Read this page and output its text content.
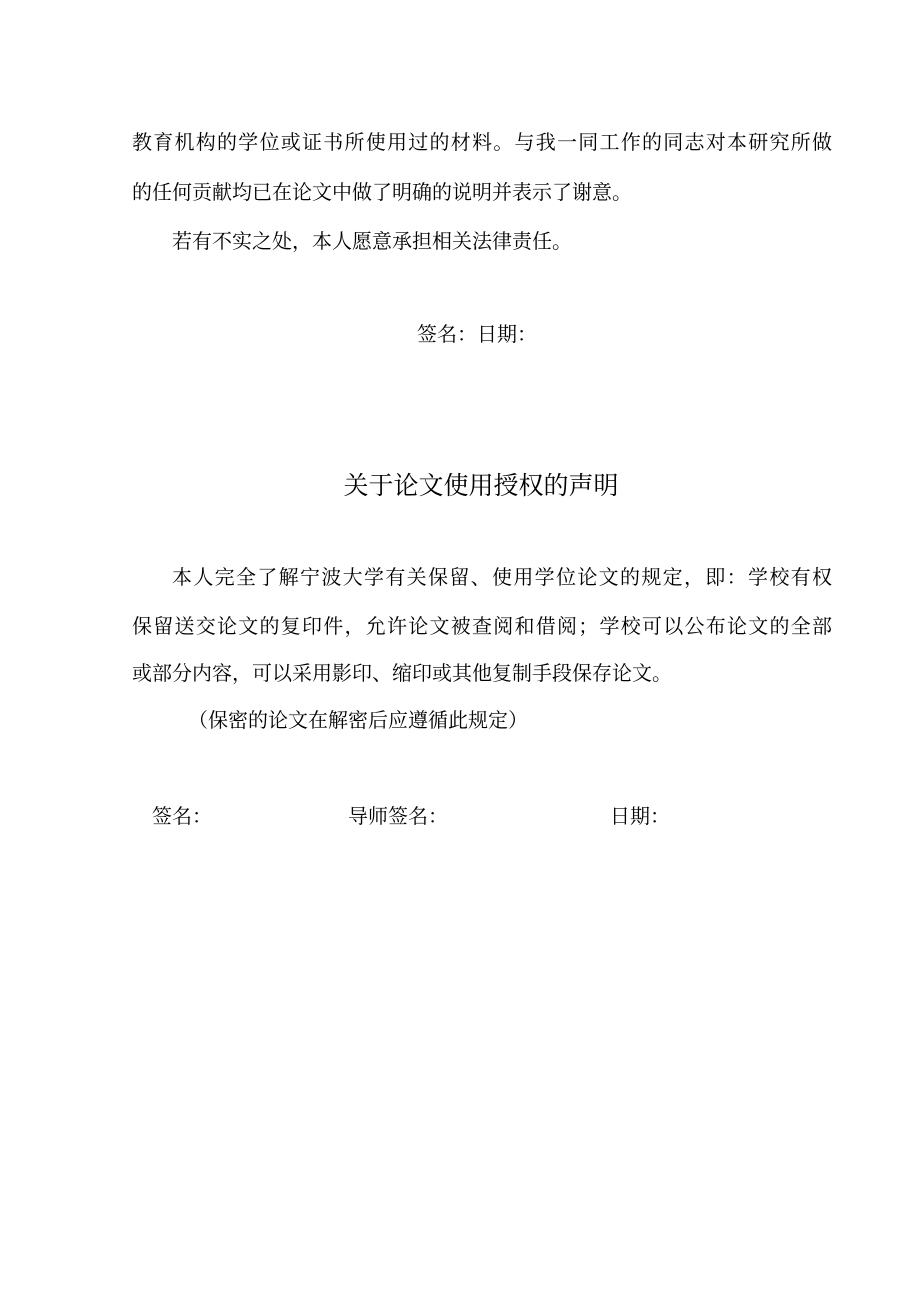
教育机构的学位或证书所使用过的材料。与我一同工作的同志对本研究所做
的任何贡献均已在论文中做了明确的说明并表示了谢意。
若有不实之处，本人愿意承担相关法律责任。
签名：日期：
关于论文使用授权的声明
本人完全了解宁波大学有关保留、使用学位论文的规定，即：学校有权
保留送交论文的复印件，允许论文被查阅和借阅；学校可以公布论文的全部
或部分内容，可以采用影印、缩印或其他复制手段保存论文。
（保密的论文在解密后应遵循此规定）
签名：	导师签名：	日期：
